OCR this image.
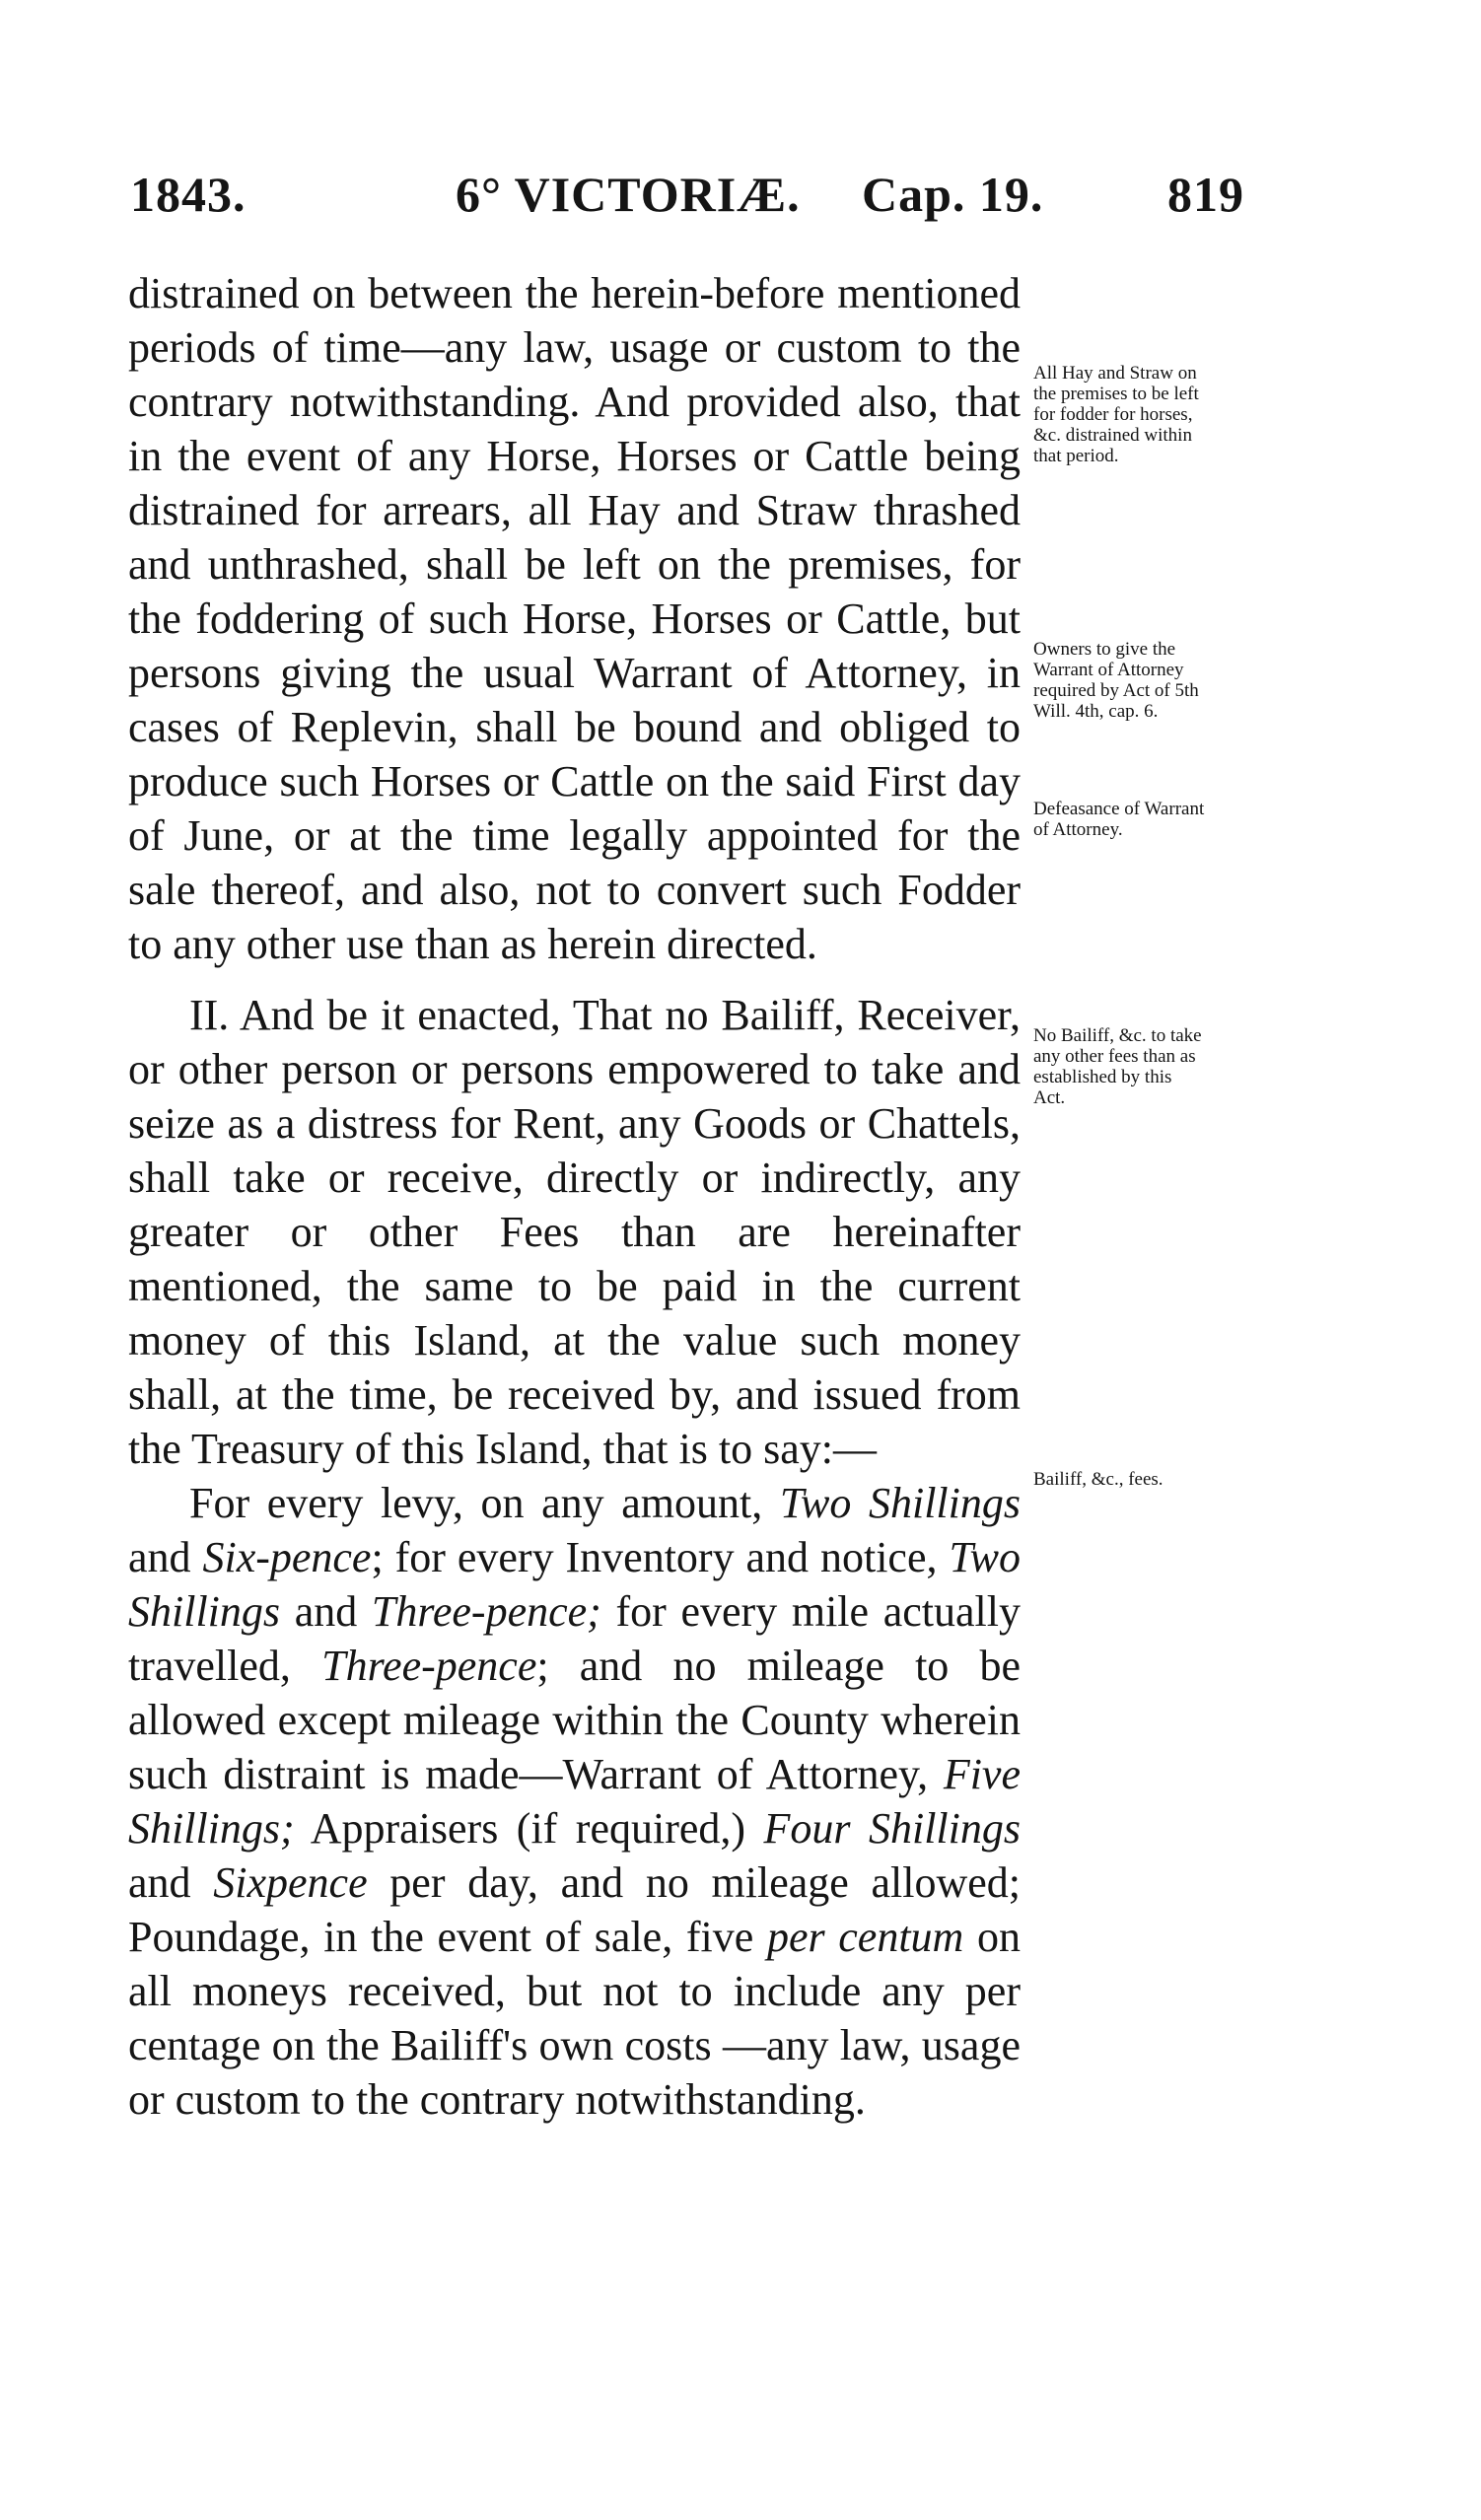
1843.	6° VICTORIÆ. Cap. 19.	819

distrained on between the herein-before mentioned periods of time—any law, usage or custom to the contrary notwithstanding. And provided also, that in the event of any Horse, Horses or Cattle being distrained for arrears, all Hay and Straw thrashed and unthrashed, shall be left on the premises, for the foddering of such Horse, Horses or Cattle, but persons giving the usual Warrant of Attorney, in cases of Replevin, shall be bound and obliged to produce such Horses or Cattle on the said First day of June, or at the time legally appointed for the sale thereof, and also, not to convert such Fodder to any other use than as herein directed.

II. And be it enacted, That no Bailiff, Receiver, or other person or persons empowered to take and seize as a distress for Rent, any Goods or Chattels, shall take or receive, directly or indirectly, any greater or other Fees than are hereinafter mentioned, the same to be paid in the current money of this Island, at the value such money shall, at the time, be received by, and issued from the Treasury of this Island, that is to say:—

For every levy, on any amount, Two Shillings and Six-pence; for every Inventory and notice, Two Shillings and Three-pence; for every mile actually travelled, Three-pence; and no mileage to be allowed except mileage within the County wherein such distraint is made—Warrant of Attorney, Five Shillings; Appraisers (if required,) Four Shillings and Sixpence per day, and no mileage allowed; Poundage, in the event of sale, five per centum on all moneys received, but not to include any per centage on the Bailiff's own costs —any law, usage or custom to the contrary notwithstanding.

All Hay and Straw on the premises to be left for fodder for horses, &c. distrained within that period.
Owners to give the Warrant of Attorney required by Act of 5th Will. 4th, cap. 6.
Defeasance of Warrant of Attorney.
No Bailiff, &c. to take any other fees than as established by this Act.
Bailiff, &c., fees.
